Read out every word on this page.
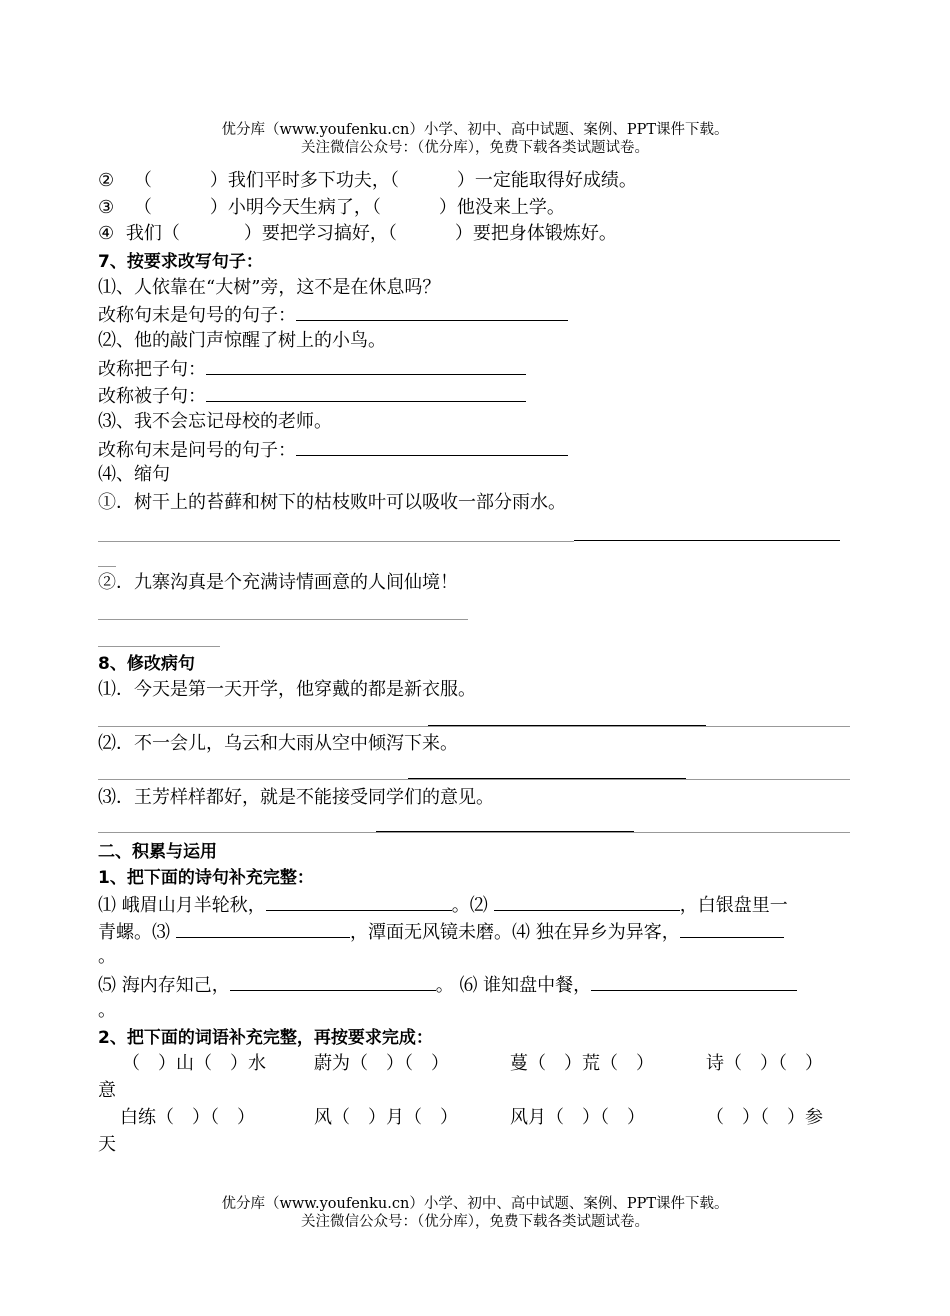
优分库（www.youfenku.cn）小学、初中、高中试题、案例、PPT课件下载。
关注微信公众号：（优分库），免费下载各类试题试卷。
② （	）我们平时多下功夫，（	）一定能取得好成绩。
③ （	）小明今天生病了，（	）他没来上学。
④ 我们（	）要把学习搞好，（	）要把身体锻炼好。
7、按要求改写句子：
⑴、人依靠在“大树”旁，这不是在休息吗？
改称句末是句号的句子：
⑵、他的敲门声惊醒了树上的小鸟。
改称把子句：
改称被子句：
⑶、我不会忘记母校的老师。
改称句末是问号的句子：
⑷、缩句
①．树干上的苔藓和树下的枯枝败叶可以吸收一部分雨水。
②．九寨沟真是个充满诗情画意的人间仙境！
8、修改病句
⑴．今天是第一天开学，他穿戴的都是新衣服。
⑵．不一会儿，乌云和大雨从空中倾泻下来。
⑶．王芳样样都好，就是不能接受同学们的意见。
二、积累与运用
1、把下面的诗句补充完整：
⑴ 峨眉山月半轮秋，	。⑵	，白银盘里一
青螺。⑶	，潭面无风镜未磨。⑷ 独在异乡为异客，
。
⑸ 海内存知己，	。 ⑹ 谁知盘中餐，
。
2、把下面的词语补充完整，再按要求完成：
（　）山（　）水	蔚为（　）（　）	蔓（　）荒（　）	诗（　）（　）
意
白练（　）（　）	风（　）月（　）	风月（　）（　）	（　）（　）参
天
优分库（www.youfenku.cn）小学、初中、高中试题、案例、PPT课件下载。
关注微信公众号：（优分库），免费下载各类试题试卷。
